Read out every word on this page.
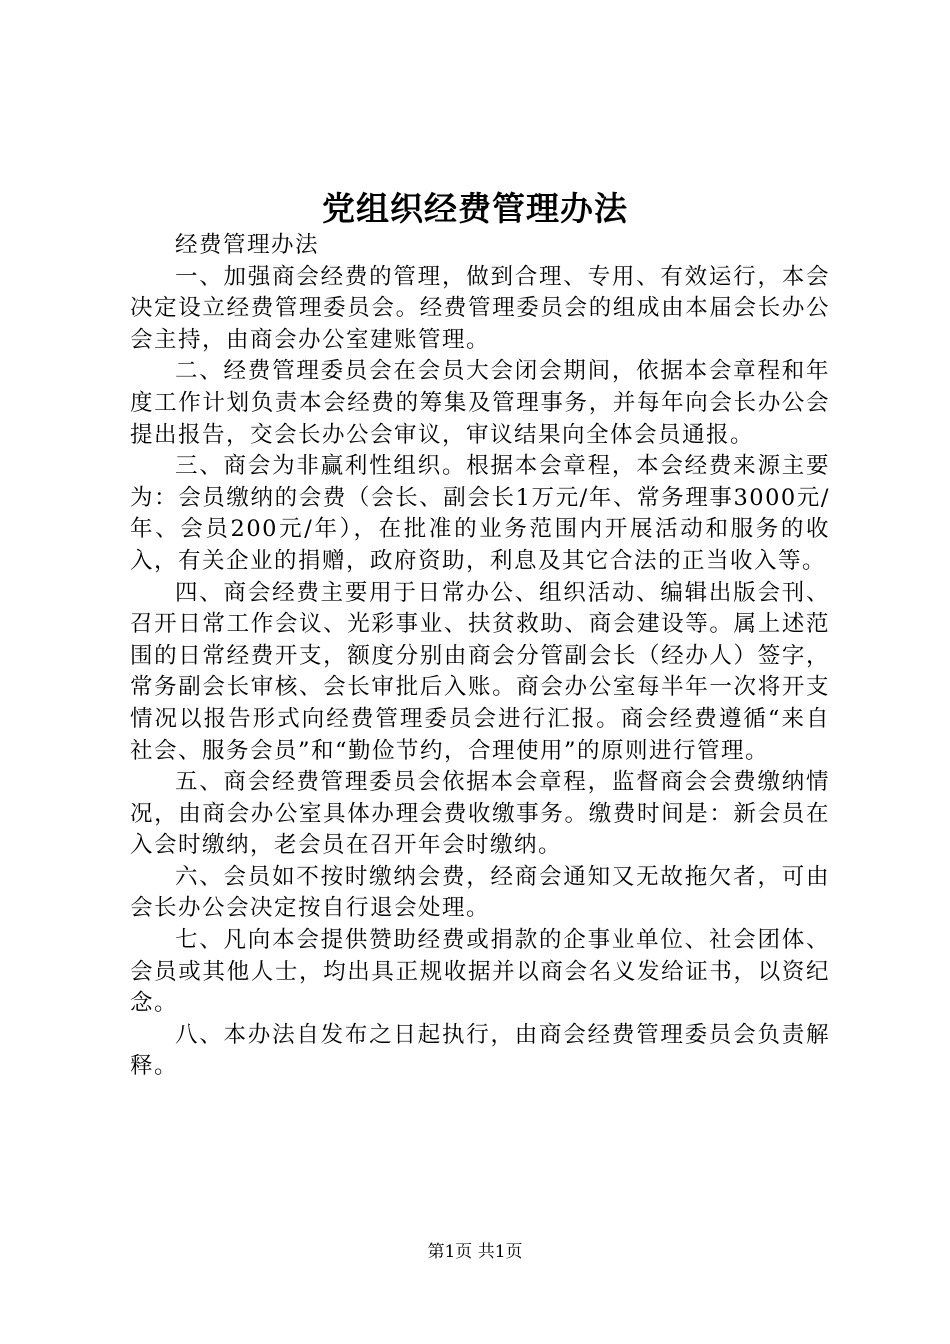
党组织经费管理办法

经费管理办法

一、加强商会经费的管理，做到合理、专用、有效运行，本会决定设立经费管理委员会。经费管理委员会的组成由本届会长办公会主持，由商会办公室建账管理。

二、经费管理委员会在会员大会闭会期间，依据本会章程和年度工作计划负责本会经费的筹集及管理事务，并每年向会长办公会提出报告，交会长办公会审议，审议结果向全体会员通报。

三、商会为非赢利性组织。根据本会章程，本会经费来源主要为：会员缴纳的会费（会长、副会长1万元/年、常务理事3000元/年、会员200元/年），在批准的业务范围内开展活动和服务的收入，有关企业的捐赠，政府资助，利息及其它合法的正当收入等。

四、商会经费主要用于日常办公、组织活动、编辑出版会刊、召开日常工作会议、光彩事业、扶贫救助、商会建设等。属上述范围的日常经费开支，额度分别由商会分管副会长（经办人）签字，常务副会长审核、会长审批后入账。商会办公室每半年一次将开支情况以报告形式向经费管理委员会进行汇报。商会经费遵循“来自社会、服务会员”和“勤俭节约，合理使用”的原则进行管理。

五、商会经费管理委员会依据本会章程，监督商会会费缴纳情况，由商会办公室具体办理会费收缴事务。缴费时间是：新会员在入会时缴纳，老会员在召开年会时缴纳。

六、会员如不按时缴纳会费，经商会通知又无故拖欠者，可由会长办公会决定按自行退会处理。

七、凡向本会提供赞助经费或捐款的企事业单位、社会团体、会员或其他人士，均出具正规收据并以商会名义发给证书，以资纪念。

八、本办法自发布之日起执行，由商会经费管理委员会负责解释。

第1页 共1页
